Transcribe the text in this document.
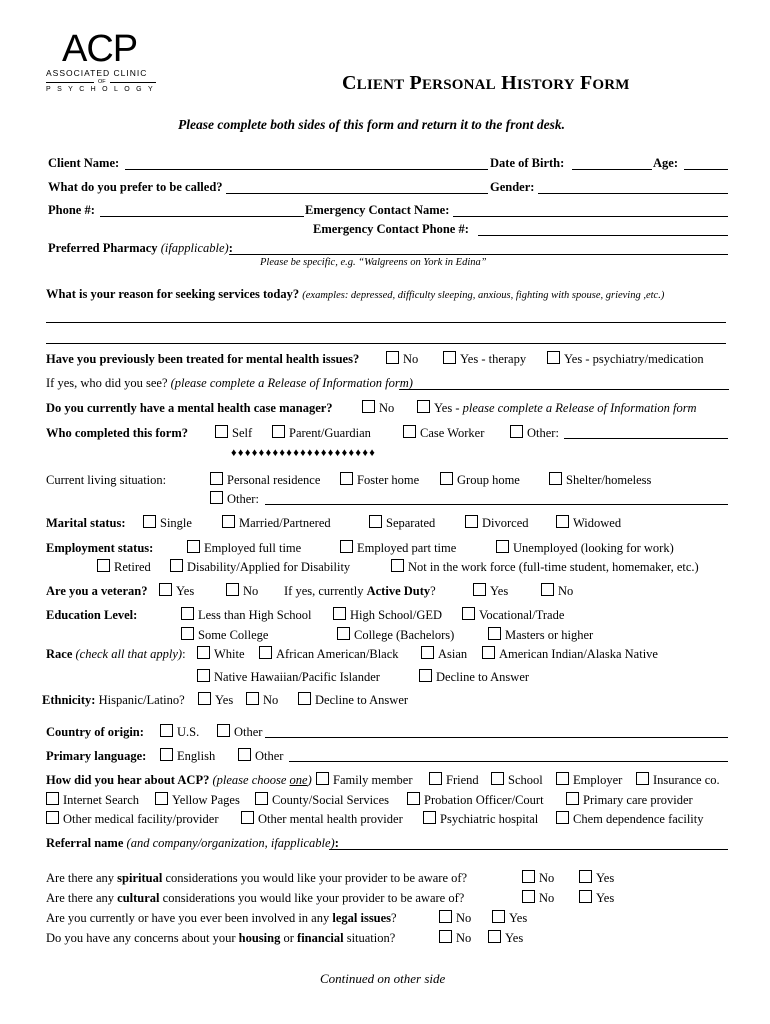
ACP
ASSOCIATED CLINIC
OF
PSYCHOLOGY	CLIENT PERSONAL HISTORY FORM
Please complete both sides of this form and return it to the front desk.
Client Name:	Date of Birth:	Age:
What do you prefer to be called?	Gender:
Phone #:	Emergency Contact Name:
Emergency Contact Phone #:
Preferred Pharmacy (ifapplicable):
Please be specific, e.g. “Walgreens on York in Edina”
What is your reason for seeking services today? (examples: depressed, difficulty sleeping, anxious, fighting with spouse, grieving ,etc.)
Have you previously been treated for mental health issues?	No	Yes - therapy	Yes - psychiatry/medication
If yes, who did you see? (please complete a Release of Information form)
Do you currently have a mental health case manager?	No	Yes - please complete a Release of Information form
Who completed this form?	Self	Parent/Guardian	Case Worker	Other:
♦♦♦♦♦♦♦♦♦♦♦♦♦♦♦♦♦♦♦♦♦
Current living situation:	Personal residence	Foster home	Group home	Shelter/homeless
Other:
Marital status:	Single	Married/Partnered	Separated	Divorced	Widowed
Employment status:	Employed full time	Employed part time	Unemployed (looking for work)
Retired	Disability/Applied for Disability	Not in the work force (full-time student, homemaker, etc.)
Are you a veteran?	Yes	No If yes, currently Active Duty?	Yes	No
Education Level:	Less than High School	High School/GED	Vocational/Trade
Some College	College (Bachelors)	Masters or higher
Race (check all that apply):	White	African American/Black	Asian	American Indian/Alaska Native
Native Hawaiian/Pacific Islander	Decline to Answer
Ethnicity: Hispanic/Latino?	Yes	No	Decline to Answer
Country of origin:	U.S.	Other
Primary language:	English	Other
How did you hear about ACP? (please choose one)	Family member	Friend	School	Employer	Insurance co.
Internet Search	Yellow Pages	County/Social Services	Probation Officer/Court	Primary care provider
Other medical facility/provider	Other mental health provider	Psychiatric hospital	Chem dependence facility
Referral name (and company/organization, ifapplicable):
Are there any spiritual considerations you would like your provider to be aware of?	No	Yes
Are there any cultural considerations you would like your provider to be aware of?	No	Yes
Are you currently or have you ever been involved in any legal issues?	No	Yes
Do you have any concerns about your housing or financial situation?	No	Yes
Continued on other side
